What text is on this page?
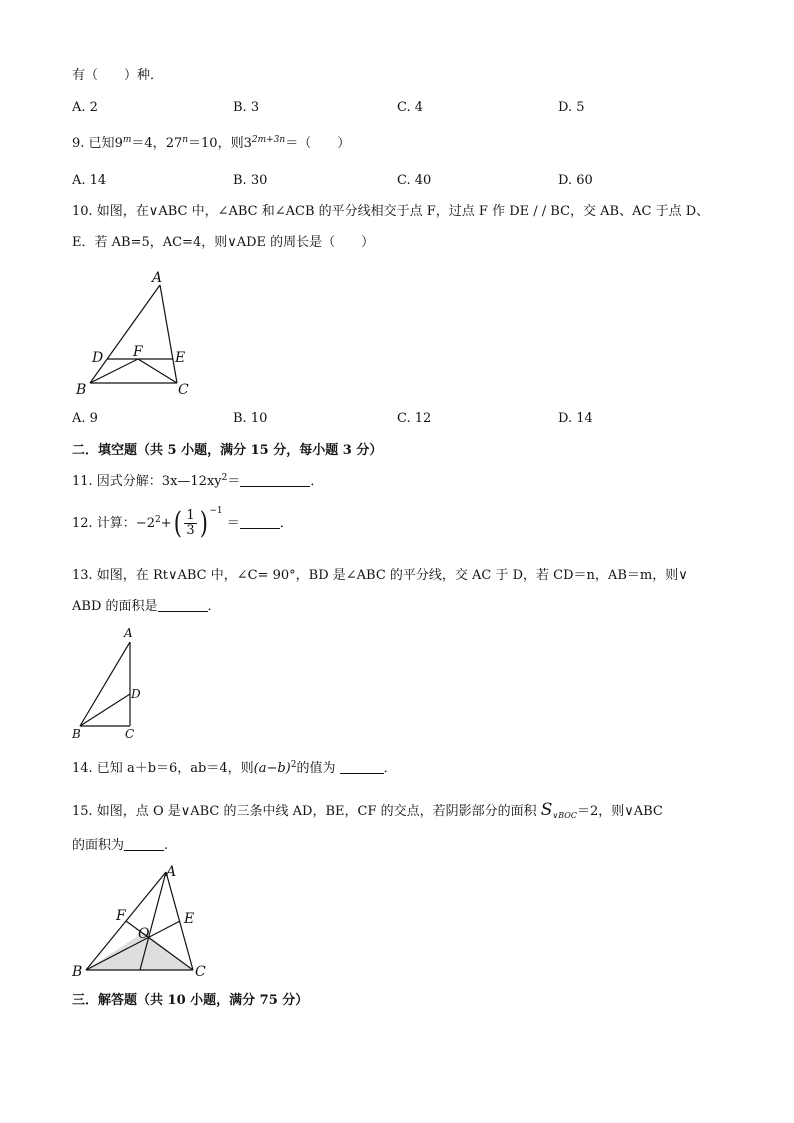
有（　　）种．
A. 2	B. 3	C. 4	D. 5
9. 已知$9^m=4$，$27^n=10$，则$3^{2m+3n}=$（　　）
A. 14	B. 30	C. 40	D. 60
10. 如图，在∨ABC 中，∠ABC 和∠ACB 的平分线相交于点 F，过点 F 作 DE / / BC，交 AB、AC 于点 D、
E．若 AB=5，AC=4，则∨ADE 的周长是（　　）
A
D F E
B	C
A. 9	B. 10	C. 12	D. 14
二．填空题（共 5 小题，满分 15 分，每小题 3 分）
11. 因式分解：$3x—12xy^2=$	．
12. 计算：$-2^2+( \frac{1}{3}$ ) $^{-1}$ ＝	．
13. 如图，在 Rt∨ABC 中，∠C= 90°，BD 是∠ABC 的平分线，交 AC 于 D，若 CD＝n，AB＝m，则∨
ABD 的面积是	．
A
D
B	C
14. 已知 a＋b＝6，ab＝4，则$(a-b)^2$的值为	．
15. 如图，点 O 是∨ABC 的三条中线 AD，BE，CF 的交点，若阴影部分的面积 $S_{\vee BOC}=2$，则∨ABC
的面积为	.
A
F
O
E
B	C
三．解答题（共 10 小题，满分 75 分）
